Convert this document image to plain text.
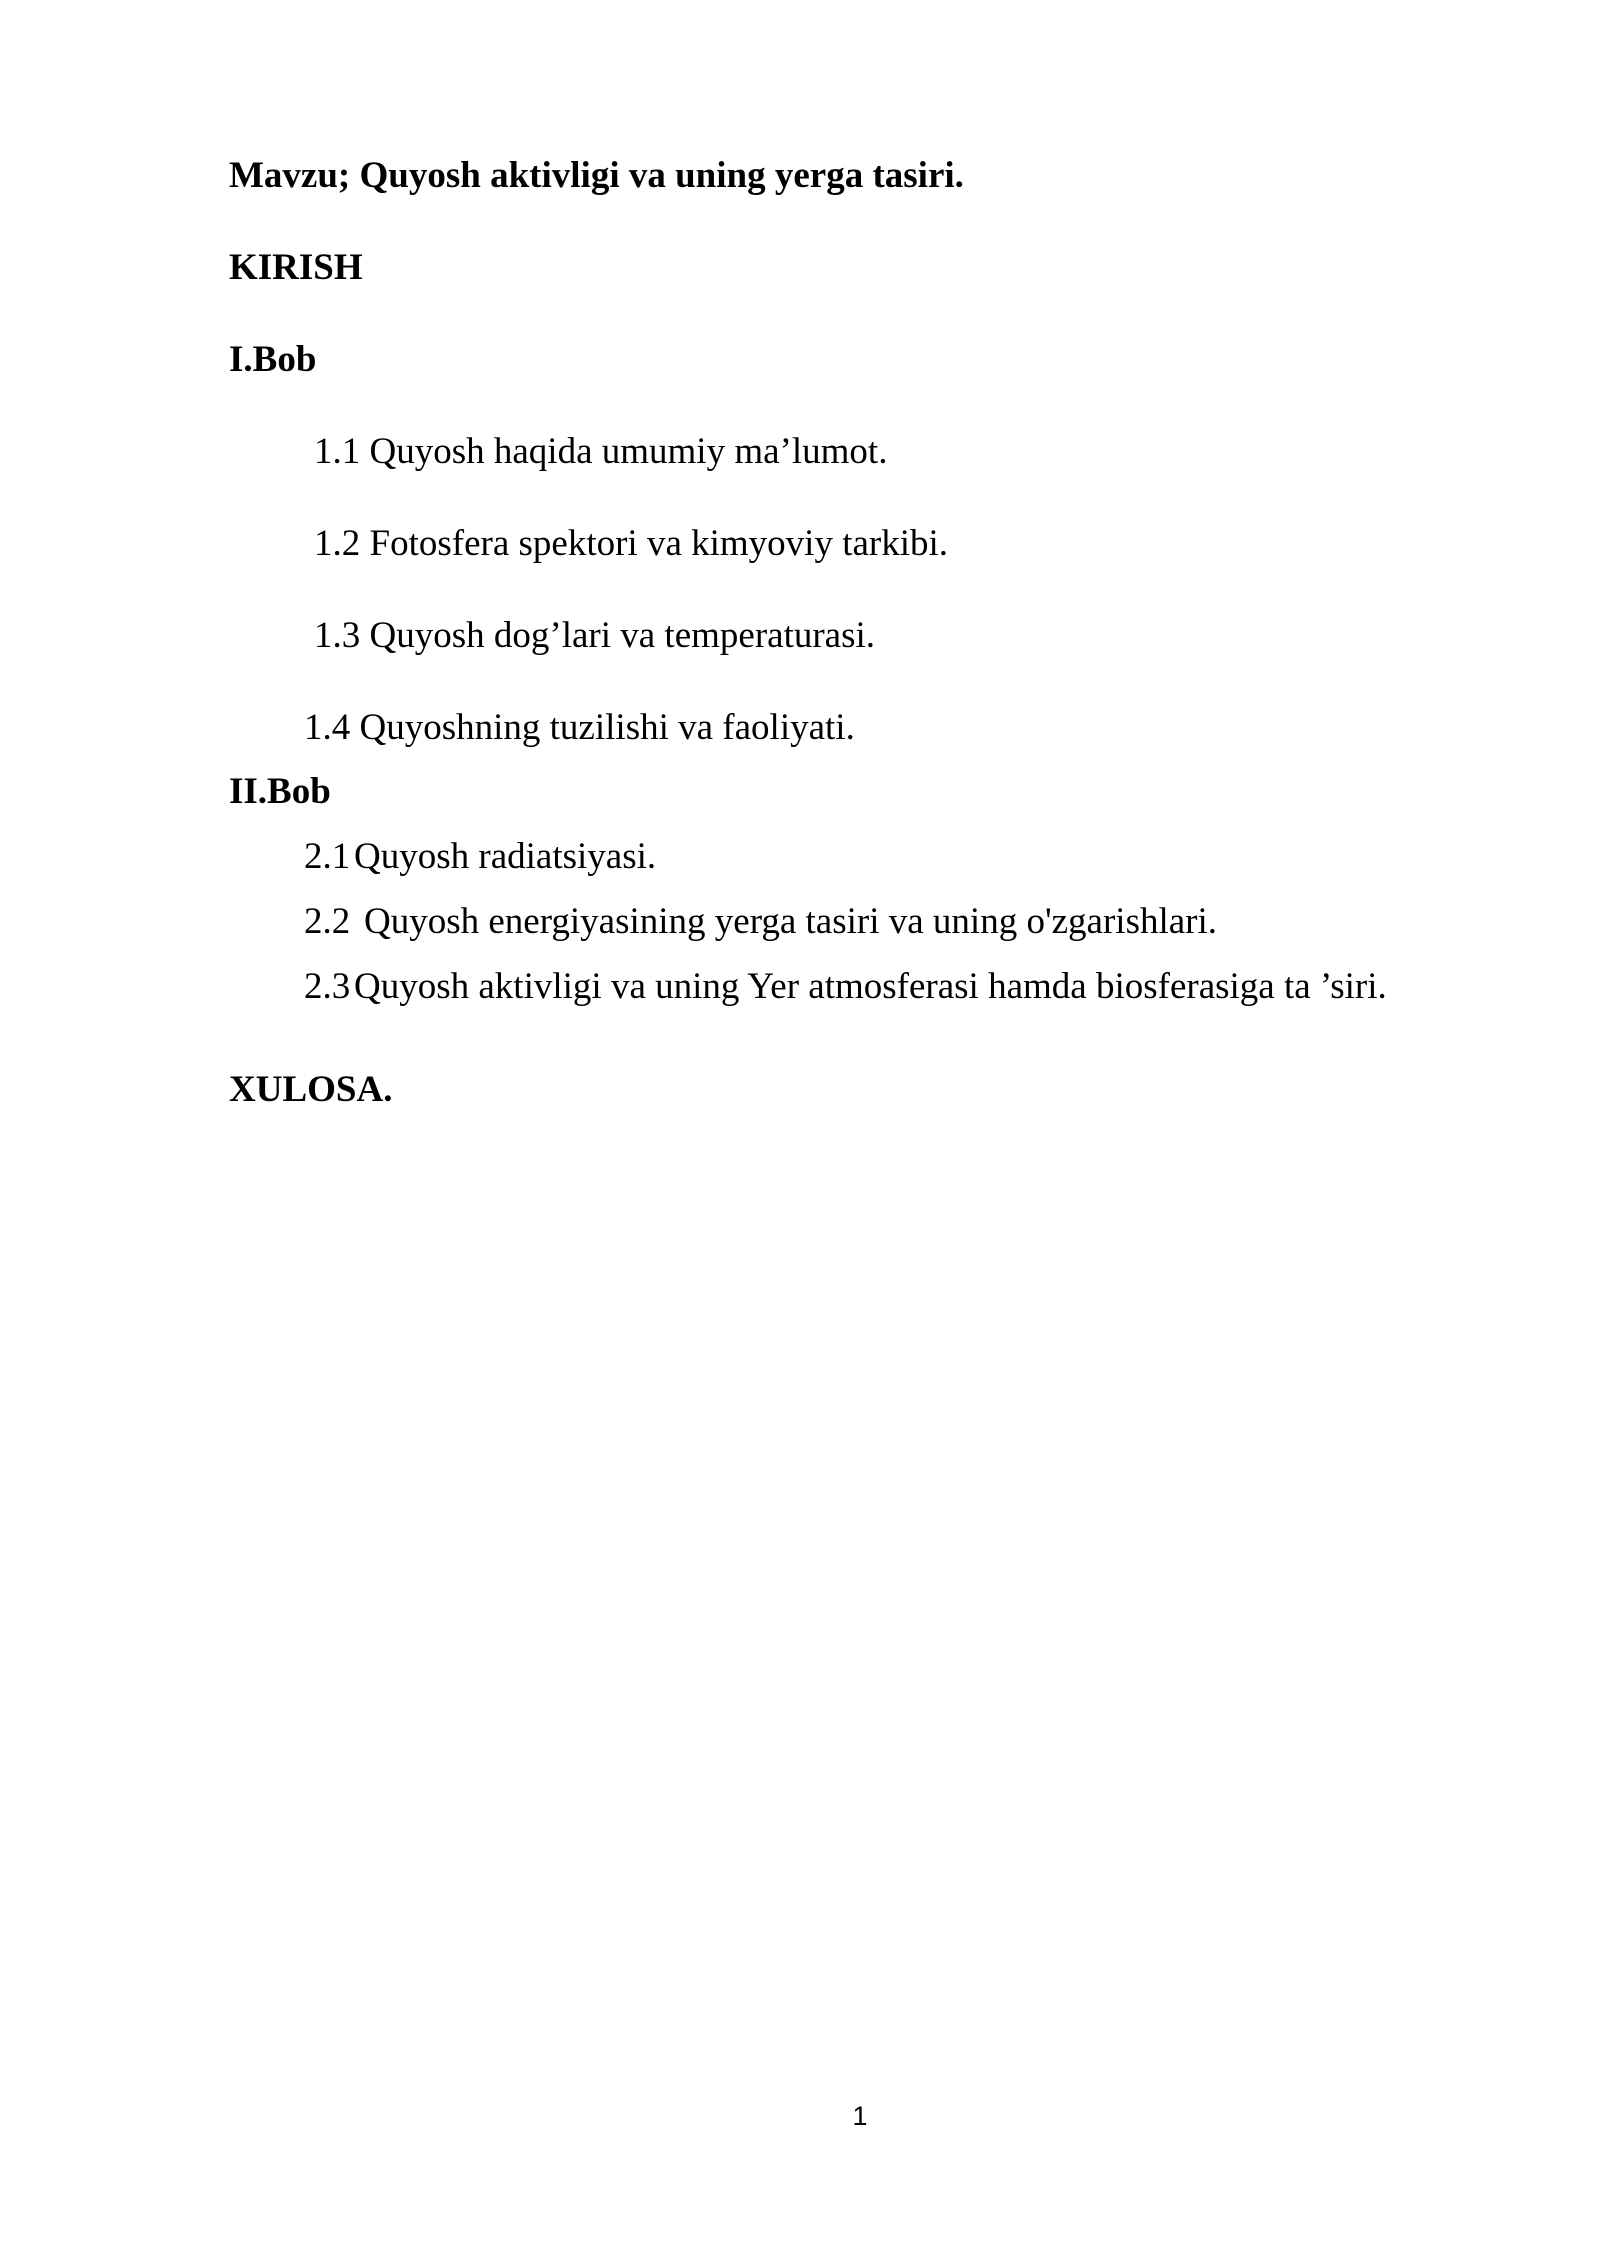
Mavzu; Quyosh aktivligi va uning yerga tasiri.
KIRISH
I.Bob
1.1 Quyosh haqida umumiy ma’lumot.
1.2 Fotosfera spektori va kimyoviy tarkibi.
1.3 Quyosh dog’lari va temperaturasi.
1.4 Quyoshning tuzilishi va faoliyati.
II.Bob
2.1 Quyosh radiatsiyasi.
2.2 Quyosh energiyasining yerga tasiri va uning o'zgarishlari.
2.3 Quyosh aktivligi va uning Yer atmosferasi hamda biosferasiga ta ’siri.
XULOSA.
1
